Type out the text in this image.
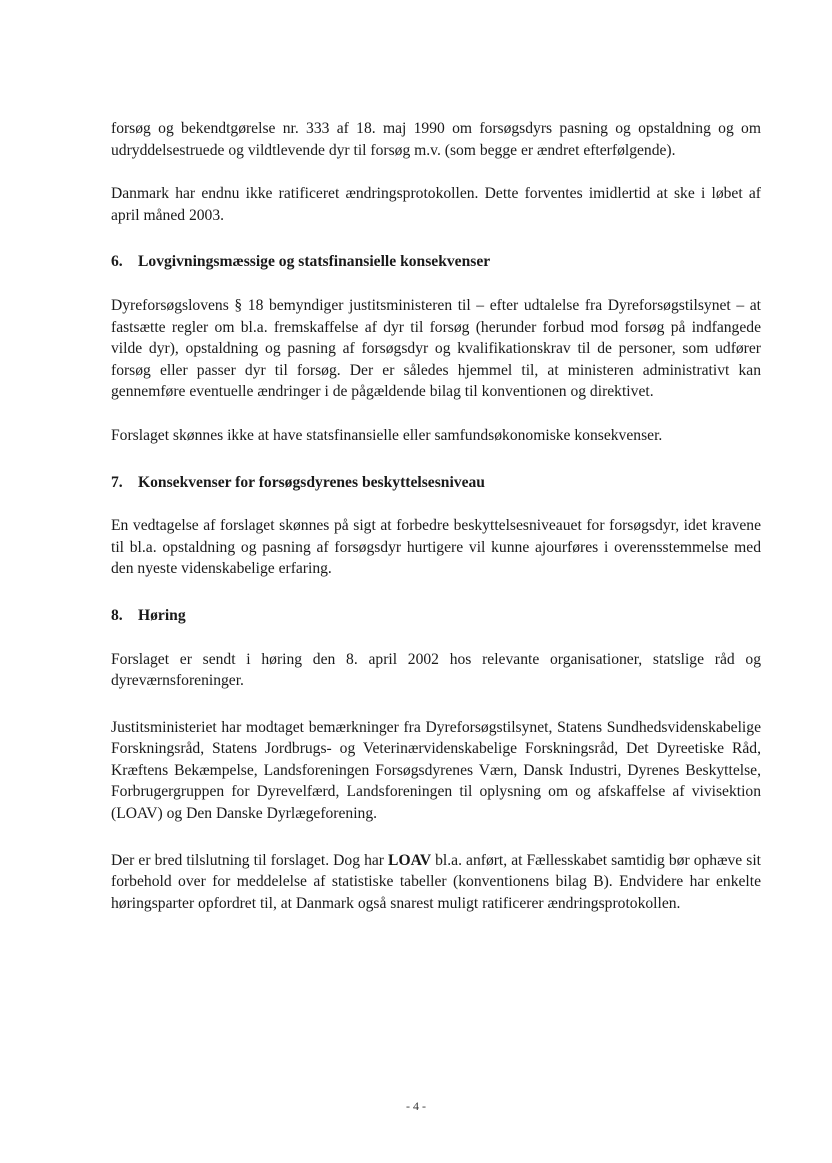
forsøg og bekendtgørelse nr. 333 af 18. maj 1990 om forsøgsdyrs pasning og opstaldning og om udryddelsestruede og vildtlevende dyr til forsøg m.v. (som begge er ændret efterfølgende).

Danmark har endnu ikke ratificeret ændringsprotokollen. Dette forventes imidlertid at ske i løbet af april måned 2003.

6. Lovgivningsmæssige og statsfinansielle konsekvenser

Dyreforsøgslovens § 18 bemyndiger justitsministeren til – efter udtalelse fra Dyreforsøgstilsynet – at fastsætte regler om bl.a. fremskaffelse af dyr til forsøg (herunder forbud mod forsøg på indfangede vilde dyr), opstaldning og pasning af forsøgsdyr og kvalifikationskrav til de personer, som udfører forsøg eller passer dyr til forsøg. Der er således hjemmel til, at ministeren administrativt kan gennemføre eventuelle ændringer i de pågældende bilag til konventionen og direktivet.

Forslaget skønnes ikke at have statsfinansielle eller samfundsøkonomiske konsekvenser.

7. Konsekvenser for forsøgsdyrenes beskyttelsesniveau

En vedtagelse af forslaget skønnes på sigt at forbedre beskyttelsesniveauet for forsøgsdyr, idet kravene til bl.a. opstaldning og pasning af forsøgsdyr hurtigere vil kunne ajourføres i overensstemmelse med den nyeste videnskabelige erfaring.

8. Høring

Forslaget er sendt i høring den 8. april 2002 hos relevante organisationer, statslige råd og dyreværnsforeninger.

Justitsministeriet har modtaget bemærkninger fra Dyreforsøgstilsynet, Statens Sundhedsvidenskabelige Forskningsråd, Statens Jordbrugs- og Veterinærvidenskabelige Forskningsråd, Det Dyreetiske Råd, Kræftens Bekæmpelse, Landsforeningen Forsøgsdyrenes Værn, Dansk Industri, Dyrenes Beskyttelse, Forbrugergruppen for Dyrevelfærd, Landsforeningen til oplysning om og afskaffelse af vivisektion (LOAV) og Den Danske Dyrlægeforening.

Der er bred tilslutning til forslaget. Dog har LOAV bl.a. anført, at Fællesskabet samtidig bør ophæve sit forbehold over for meddelelse af statistiske tabeller (konventionens bilag B). Endvidere har enkelte høringsparter opfordret til, at Danmark også snarest muligt ratificerer ændringsprotokollen.

- 4 -
